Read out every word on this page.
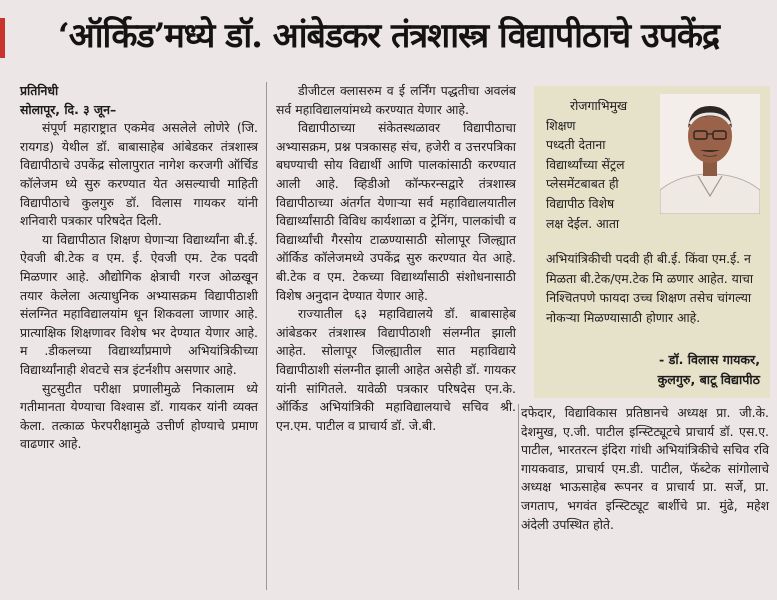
‘ऑर्किड’मध्ये डॉ. आंबेडकर तंत्रशास्त्र विद्यापीठाचे उपकेंद्र

प्रतिनिधी

सोलापूर, दि. ३ जून–

संपूर्ण महाराष्ट्रात एकमेव असलेले लोणेरे (जि. रायगड) येथील डॉ. बाबासाहेब आंबेडकर तंत्रशास्त्र विद्यापीठाचे उपकेंद्र सोलापुरात नागेश करजगी ऑर्चिड कॉलेजम ध्ये सुरु करण्यात येत असल्याची माहिती विद्यापीठाचे कुलगुरु डॉ. विलास गायकर यांनी शनिवारी पत्रकार परिषदेत दिली.

या विद्यापीठात शिक्षण घेणाऱ्या विद्यार्थ्यांना बी.ई. ऐवजी बी.टेक व एम. ई. ऐवजी एम. टेक पदवी मिळणार आहे. औद्योगिक क्षेत्राची गरज ओळखून तयार केलेला अत्याधुनिक अभ्यासक्रम विद्यापीठाशी संलग्नित महाविद्यालयांम धून शिकवला जाणार आहे. प्रात्याक्षिक शिक्षणावर विशेष भर देण्यात येणार आहे. म .डीकलच्या विद्यार्थ्यांप्रमाणे अभियांत्रिकीच्या विद्यार्थ्यांनाही शेवटचे सत्र इंटर्नशीप असणार आहे.

सुटसुटीत परीक्षा प्रणालीमुळे निकालाम ध्ये गतीमानता येण्याचा विश्वास डॉ. गायकर यांनी व्यक्त केला. तत्काळ फेरपरीक्षामुळे उत्तीर्ण होण्याचे प्रमाण वाढणार आहे.

डीजीटल क्लासरुम व ई लर्निंग पद्धतीचा अवलंब सर्व महाविद्यालयांमध्ये करण्यात येणार आहे.

विद्यापीठाच्या संकेतस्थळावर विद्यापीठाचा अभ्यासक्रम, प्रश्न पत्रकासह संच, हजेरी व उत्तरपत्रिका बघण्याची सोय विद्यार्थी आणि पालकांसाठी करण्यात आली आहे. व्हिडीओ कॉन्फरन्सद्वारे तंत्रशास्त्र विद्यापीठाच्या अंतर्गत येणाऱ्या सर्व महाविद्यालयातील विद्यार्थ्यांसाठी विविध कार्यशाळा व ट्रेनिंग, पालकांची व विद्यार्थ्यांची गैरसोय टाळण्यासाठी सोलापूर जिल्ह्यात ऑर्किड कॉलेजमध्ये उपकेंद्र सुरु करण्यात येत आहे. बी.टेक व एम. टेकच्या विद्यार्थ्यांसाठी संशोधनासाठी विशेष अनुदान देण्यात येणार आहे.

राज्यातील ६३ महाविद्यालये डॉ. बाबासाहेब आंबेडकर तंत्रशास्त्र विद्यापीठाशी संलग्नीत झाली आहेत. सोलापूर जिल्ह्यातील सात महाविद्याये विद्यापीठाशी संलग्नीत झाली आहेत असेही डॉ. गायकर यांनी सांगितले. यावेळी पत्रकार परिषदेस एन.के. ऑर्किड अभियांत्रिकी महाविद्यालयाचे सचिव श्री. एन.एम. पाटील व प्राचार्य डॉ. जे.बी.

रोजगाभिमुख
शिक्षण
पध्दती देताना
विद्यार्थ्यांच्या सेंट्रल
प्लेसमेंटबाबत ही
विद्यापीठ विशेष
लक्ष देईल. आता
अभियांत्रिकीची पदवी ही बी.ई. किंवा एम.ई. न मिळता बी.टेक/एम.टेक मि ळणार आहेत. याचा निश्चितपणे फायदा उच्च शिक्षण तसेच चांगल्या नोकऱ्या मिळण्यासाठी होणार आहे.
- डॉ. विलास गायकर,
कुलगुरु, बाटू विद्यापीठ

दफेदार, विद्याविकास प्रतिष्ठानचे अध्यक्ष प्रा. जी.के. देशमुख, ए.जी. पाटील इन्स्टिट्यूटचे प्राचार्य डॉ. एस.ए. पाटील, भारतरत्न इंदिरा गांधी अभियांत्रिकीचे सचिव रवि गायकवाड, प्राचार्य एम.डी. पाटील, फॅब्टेक सांगोलाचे अध्यक्ष भाऊसाहेब रूपनर व प्राचार्य प्रा. सर्जे, प्रा. जगताप, भगवंत इन्स्टिट्यूट बार्शीचे प्रा. मुंढे, महेश अंदेली उपस्थित होते.
